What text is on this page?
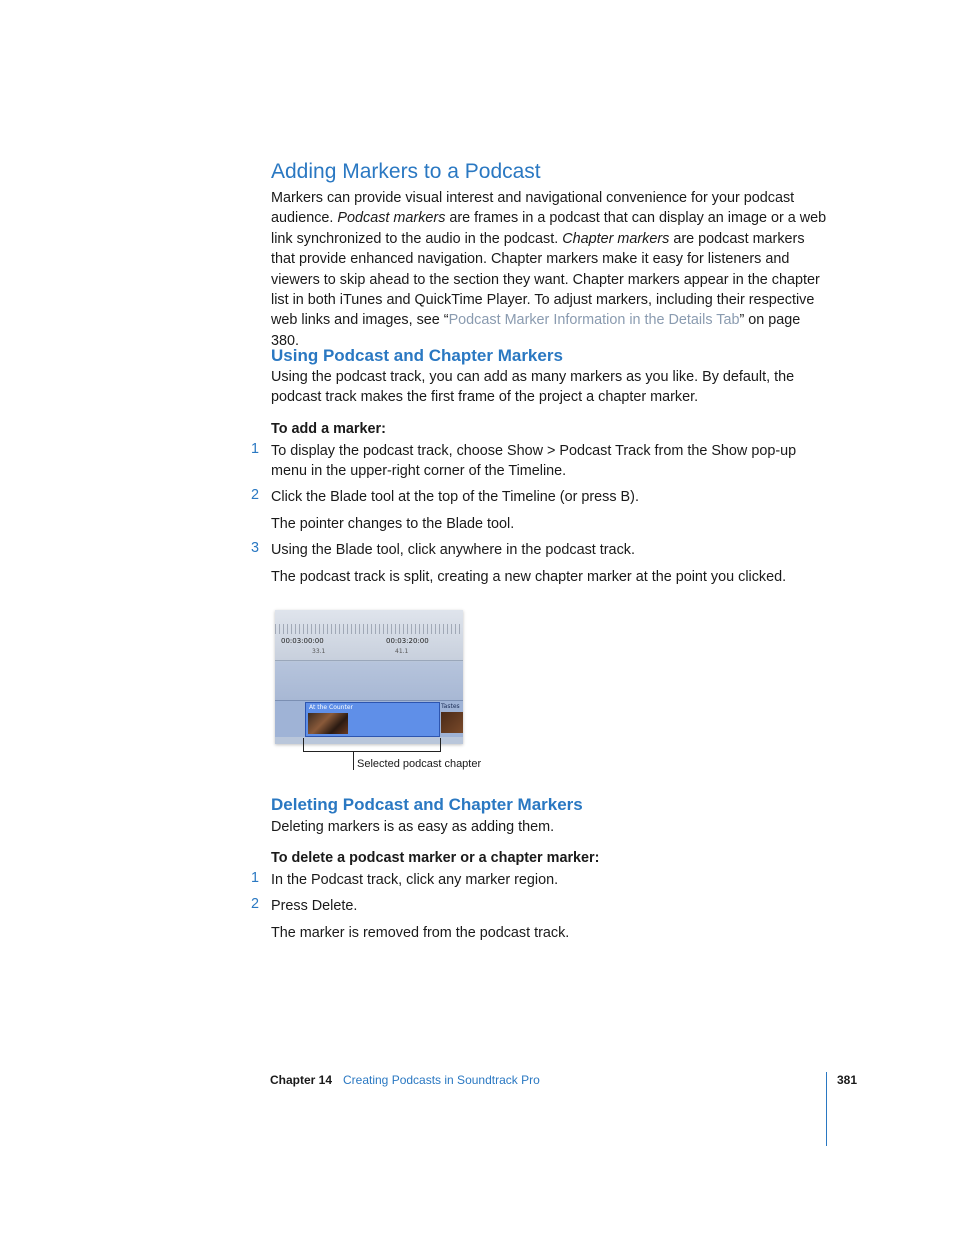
Adding Markers to a Podcast

Markers can provide visual interest and navigational convenience for your podcast
audience. Podcast markers are frames in a podcast that can display an image or a web
link synchronized to the audio in the podcast. Chapter markers are podcast markers
that provide enhanced navigation. Chapter markers make it easy for listeners and
viewers to skip ahead to the section they want. Chapter markers appear in the chapter
list in both iTunes and QuickTime Player. To adjust markers, including their respective
web links and images, see “Podcast Marker Information in the Details Tab” on page 380.

Using Podcast and Chapter Markers

Using the podcast track, you can add as many markers as you like. By default, the
podcast track makes the first frame of the project a chapter marker.

To add a marker:

1 To display the podcast track, choose Show > Podcast Track from the Show pop-up
menu in the upper-right corner of the Timeline.

2 Click the Blade tool at the top of the Timeline (or press B).

The pointer changes to the Blade tool.

3 Using the Blade tool, click anywhere in the podcast track.

The podcast track is split, creating a new chapter marker at the point you clicked.

00:03:00:00	00:03:20:00
33.1	41.1
At the Counter	Tastes
Selected podcast chapter
Deleting Podcast and Chapter Markers

Deleting markers is as easy as adding them.

To delete a podcast marker or a chapter marker:

1 In the Podcast track, click any marker region.

2 Press Delete.

The marker is removed from the podcast track.

Chapter 14 Creating Podcasts in Soundtrack Pro	381
